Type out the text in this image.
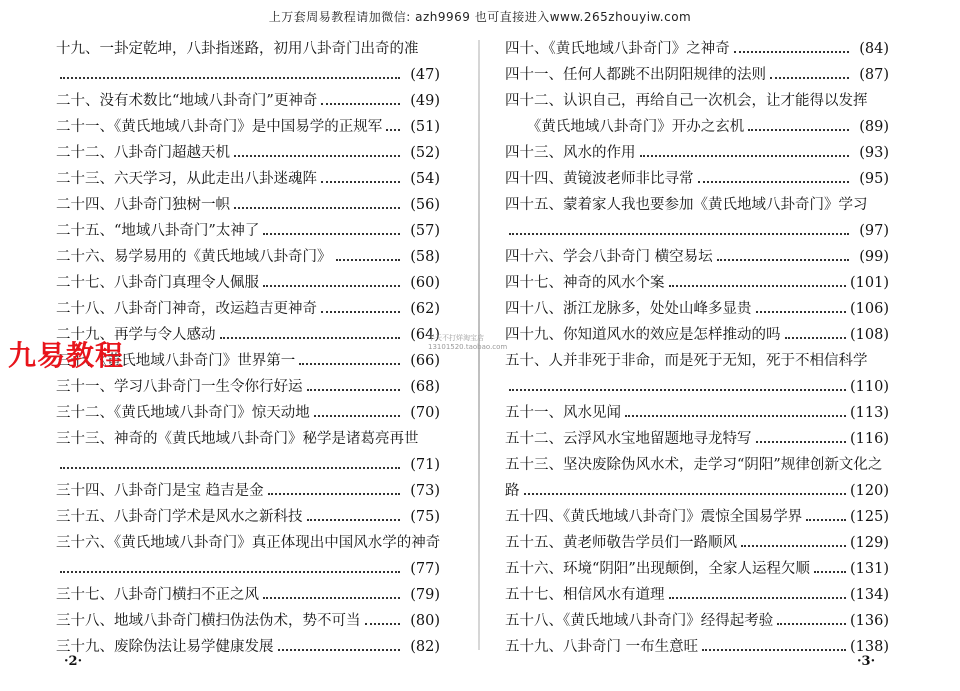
上万套周易教程请加微信: azh9969 也可直接进入www.265zhouyiw.com
十九、一卦定乾坤，八卦指迷路，初用八卦奇门出奇的准
(47)
二十、没有术数比“地域八卦奇门”更神奇	(49)
二十一、《黄氏地域八卦奇门》是中国易学的正规军	(51)
二十二、八卦奇门超越天机	(52)
二十三、六天学习，从此走出八卦迷魂阵	(54)
二十四、八卦奇门独树一帜	(56)
二十五、“地域八卦奇门”太神了	(57)
二十六、易学易用的《黄氏地域八卦奇门》	(58)
二十七、八卦奇门真理令人佩服	(60)
二十八、八卦奇门神奇，改运趋吉更神奇	(62)
二十九、再学与令人感动	(64)
三十、《黄氏地域八卦奇门》世界第一	(66)
三十一、学习八卦奇门一生令你行好运	(68)
三十二、《黄氏地域八卦奇门》惊天动地	(70)
三十三、神奇的《黄氏地域八卦奇门》秘学是诸葛亮再世
(71)
三十四、八卦奇门是宝 趋吉是金	(73)
三十五、八卦奇门学术是风水之新科技	(75)
三十六、《黄氏地域八卦奇门》真正体现出中国风水学的神奇
(77)
三十七、八卦奇门横扫不正之风	(79)
三十八、地域八卦奇门横扫伪法伪术，势不可当	(80)
三十九、废除伪法让易学健康发展	(82)
四十、《黄氏地域八卦奇门》之神奇	(84)
四十一、任何人都跳不出阴阳规律的法则	(87)
四十二、认识自己，再给自己一次机会，让才能得以发挥
　　《黄氏地域八卦奇门》开办之玄机	(89)
四十三、风水的作用	(93)
四十四、黄镜波老师非比寻常	(95)
四十五、蒙着家人我也要参加《黄氏地域八卦奇门》学习
(97)
四十六、学会八卦奇门 横空易坛	(99)
四十七、神奇的风水个案	(101)
四十八、浙江龙脉多，处处山峰多显贵	(106)
四十九、你知道风水的效应是怎样推动的吗	(108)
五十、人并非死于非命，而是死于无知，死于不相信科学
(110)
五十一、风水见闻	(113)
五十二、云浮风水宝地留题地寻龙特写	(116)
五十三、坚决废除伪风水术，走学习“阴阳”规律创新文化之
路	(120)
五十四、《黄氏地域八卦奇门》震惊全国易学界	(125)
五十五、黄老师敬告学员们一路顺风	(129)
五十六、环境“阴阳”出现颠倒，全家人运程欠顺	(131)
五十七、相信风水有道理	(134)
五十八、《黄氏地域八卦奇门》经得起考验	(136)
五十九、八卦奇门 一布生意旺	(138)
·2·	·3·
九易教程
半天不打烊淘宝店
13101520.taobao.com
